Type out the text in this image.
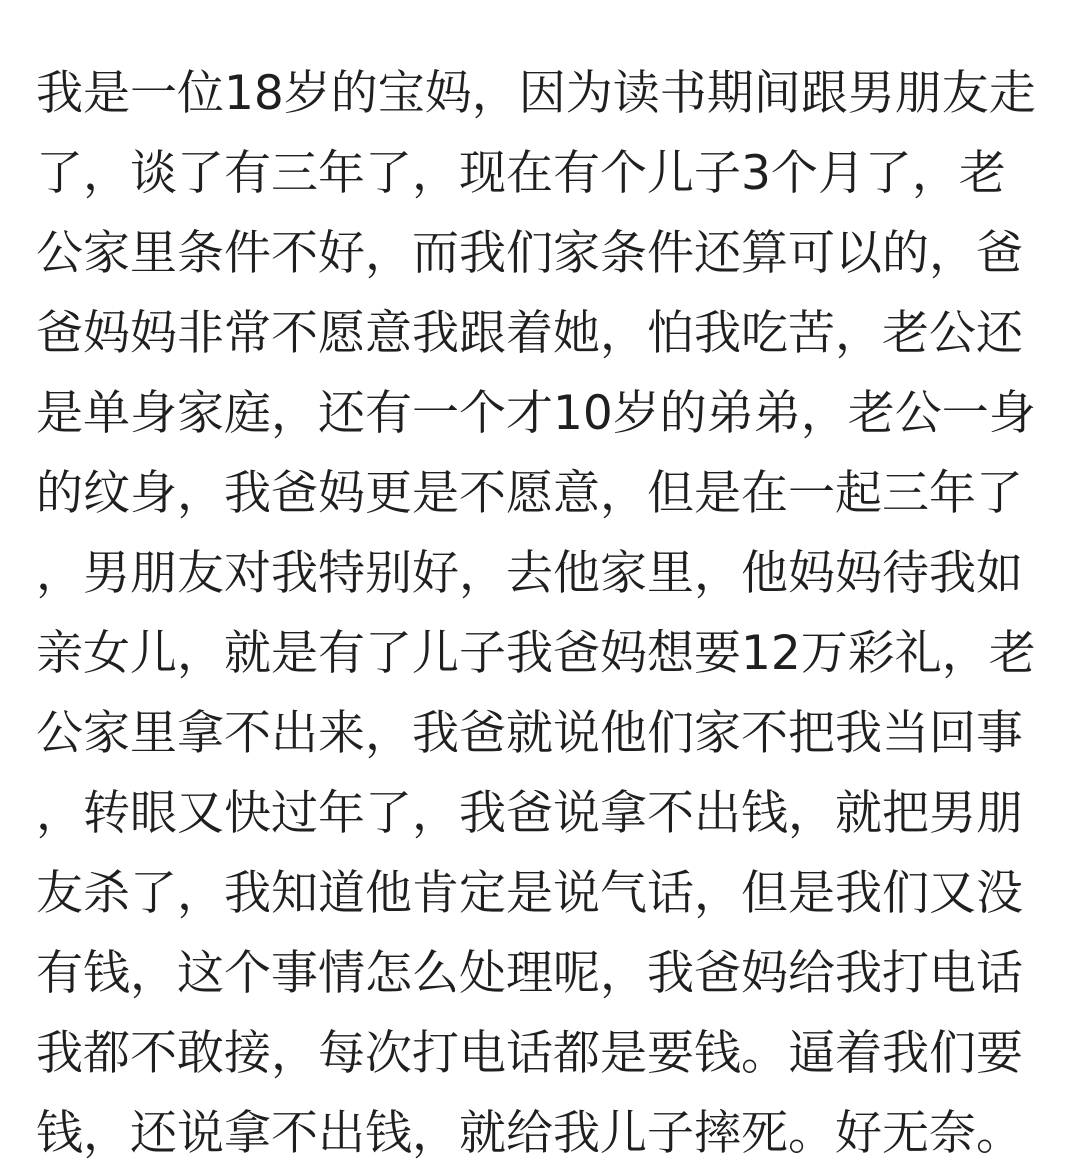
我是一位18岁的宝妈，因为读书期间跟男朋友走
了，谈了有三年了，现在有个儿子3个月了，老
公家里条件不好，而我们家条件还算可以的，爸
爸妈妈非常不愿意我跟着她，怕我吃苦，老公还
是单身家庭，还有一个才10岁的弟弟，老公一身
的纹身，我爸妈更是不愿意，但是在一起三年了
，男朋友对我特别好，去他家里，他妈妈待我如
亲女儿，就是有了儿子我爸妈想要12万彩礼，老
公家里拿不出来，我爸就说他们家不把我当回事
，转眼又快过年了，我爸说拿不出钱，就把男朋
友杀了，我知道他肯定是说气话，但是我们又没
有钱，这个事情怎么处理呢，我爸妈给我打电话
我都不敢接，每次打电话都是要钱。逼着我们要
钱，还说拿不出钱，就给我儿子摔死。好无奈。
